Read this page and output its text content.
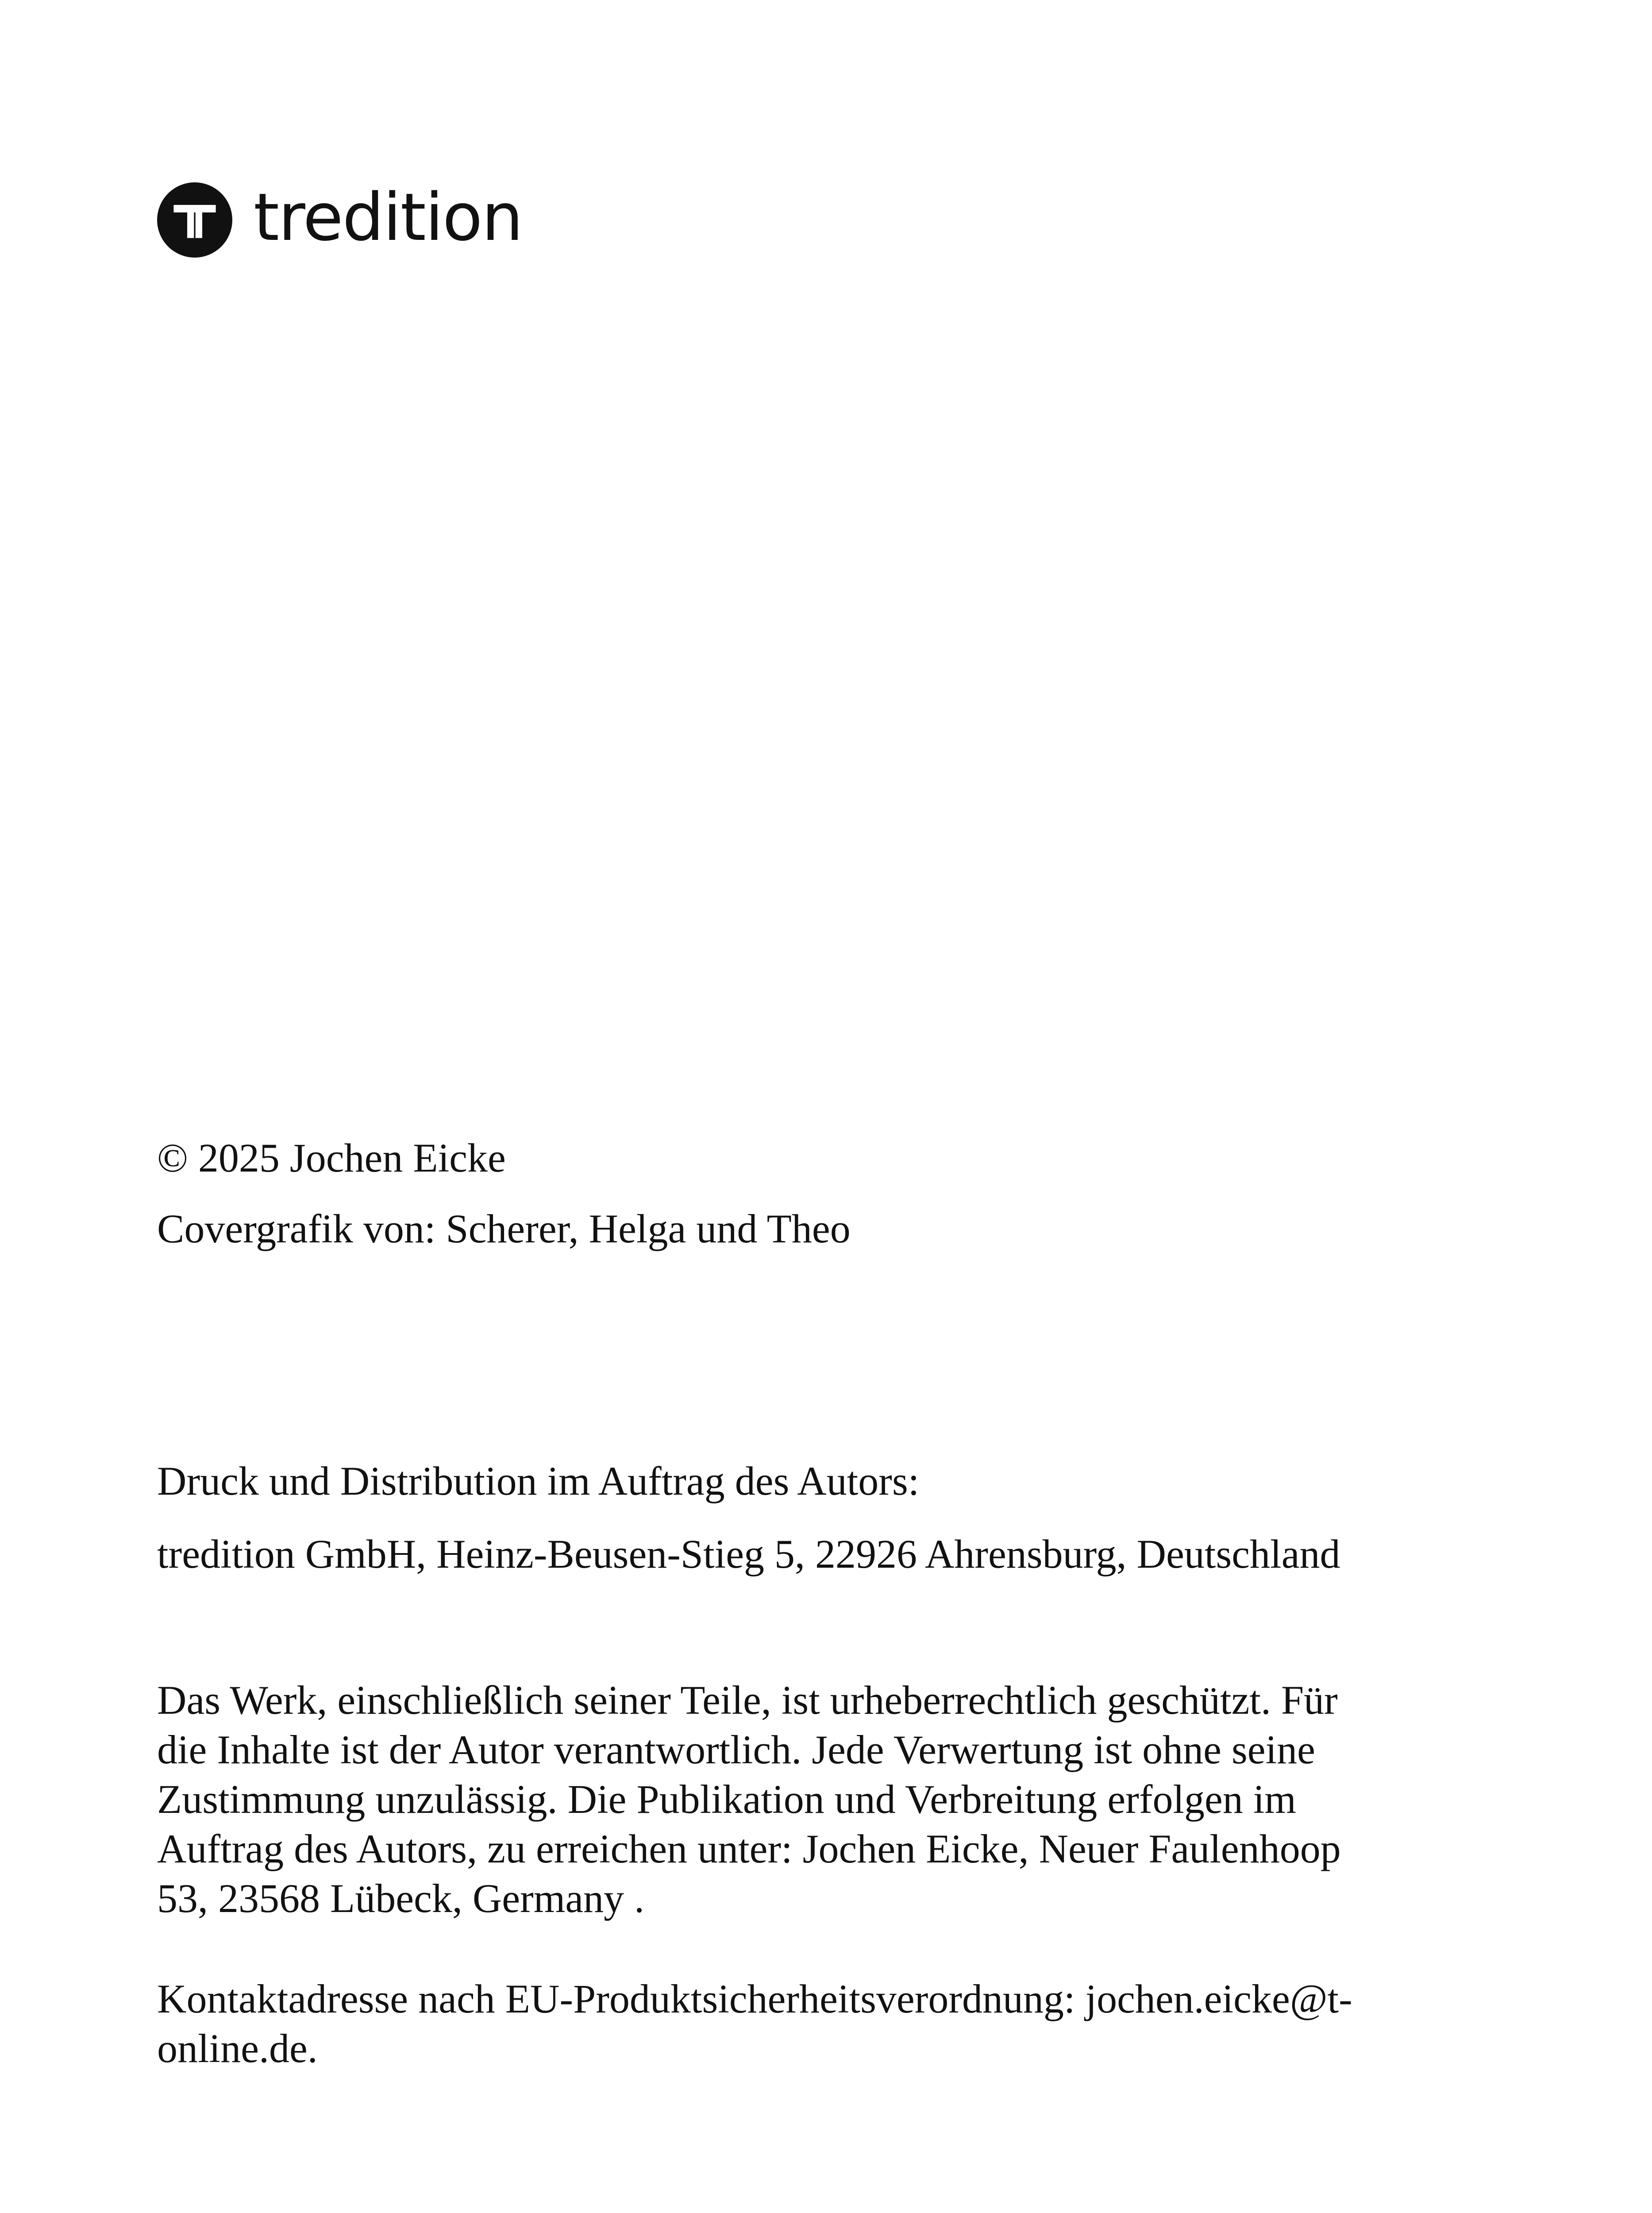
tredition
© 2025 Jochen Eicke
Covergrafik von: Scherer, Helga und Theo
Druck und Distribution im Auftrag des Autors:
tredition GmbH, Heinz-Beusen-Stieg 5, 22926 Ahrensburg, Deutschland
Das Werk, einschließlich seiner Teile, ist urheberrechtlich geschützt. Für
die Inhalte ist der Autor verantwortlich. Jede Verwertung ist ohne seine
Zustimmung unzulässig. Die Publikation und Verbreitung erfolgen im
Auftrag des Autors, zu erreichen unter: Jochen Eicke, Neuer Faulenhoop
53, 23568 Lübeck, Germany .
Kontaktadresse nach EU-Produktsicherheitsverordnung: jochen.eicke@t-
online.de.
